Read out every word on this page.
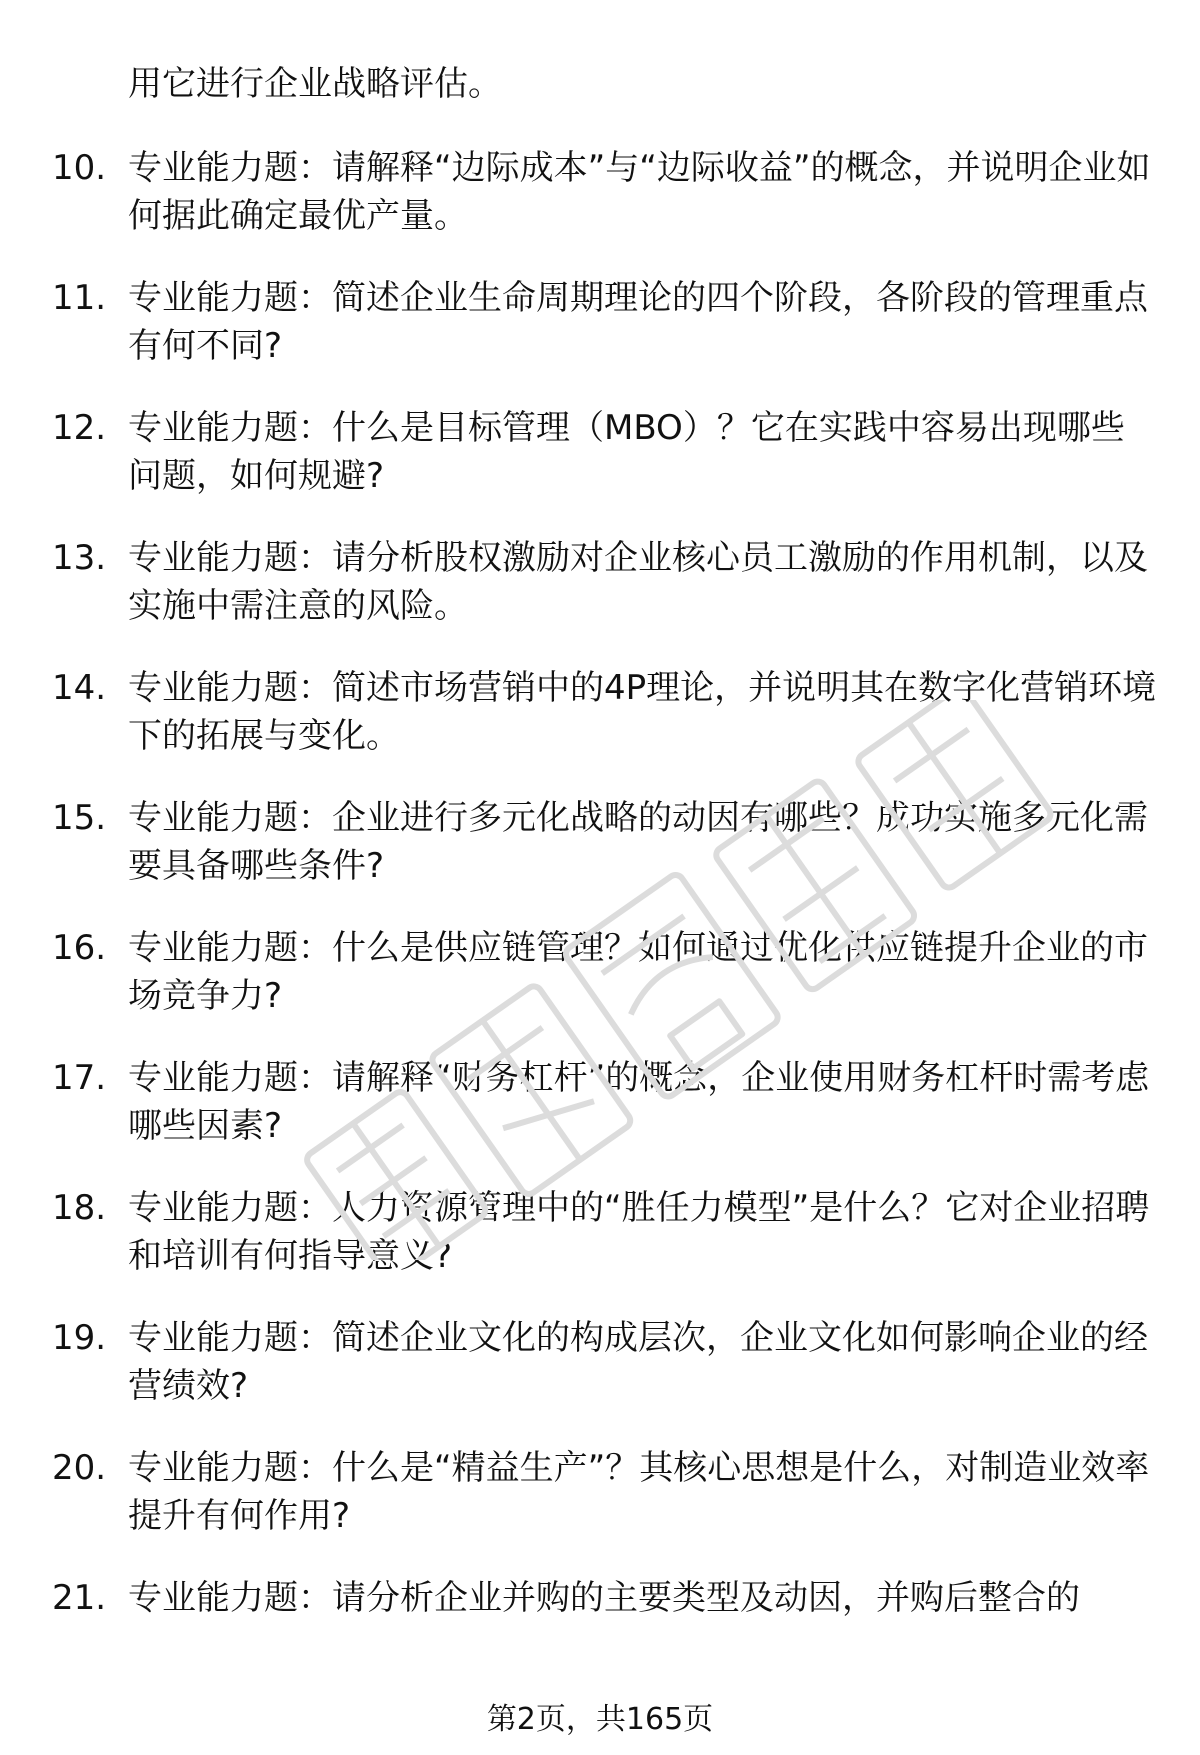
用它进行企业战略评估。
10. 专业能力题：请解释“边际成本”与“边际收益”的概念，并说明企业如何据此确定最优产量。
11. 专业能力题：简述企业生命周期理论的四个阶段，各阶段的管理重点有何不同?
12. 专业能力题：什么是目标管理（MBO）？它在实践中容易出现哪些问题，如何规避?
13. 专业能力题：请分析股权激励对企业核心员工激励的作用机制，以及实施中需注意的风险。
14. 专业能力题：简述市场营销中的4P理论，并说明其在数字化营销环境下的拓展与变化。
15. 专业能力题：企业进行多元化战略的动因有哪些？成功实施多元化需要具备哪些条件?
16. 专业能力题：什么是供应链管理？如何通过优化供应链提升企业的市场竞争力?
17. 专业能力题：请解释“财务杠杆”的概念，企业使用财务杠杆时需考虑哪些因素?
18. 专业能力题：人力资源管理中的“胜任力模型”是什么？它对企业招聘和培训有何指导意义?
19. 专业能力题：简述企业文化的构成层次，企业文化如何影响企业的经营绩效?
20. 专业能力题：什么是“精益生产”？其核心思想是什么，对制造业效率提升有何作用?
21. 专业能力题：请分析企业并购的主要类型及动因，并购后整合的
第2页，共165页
